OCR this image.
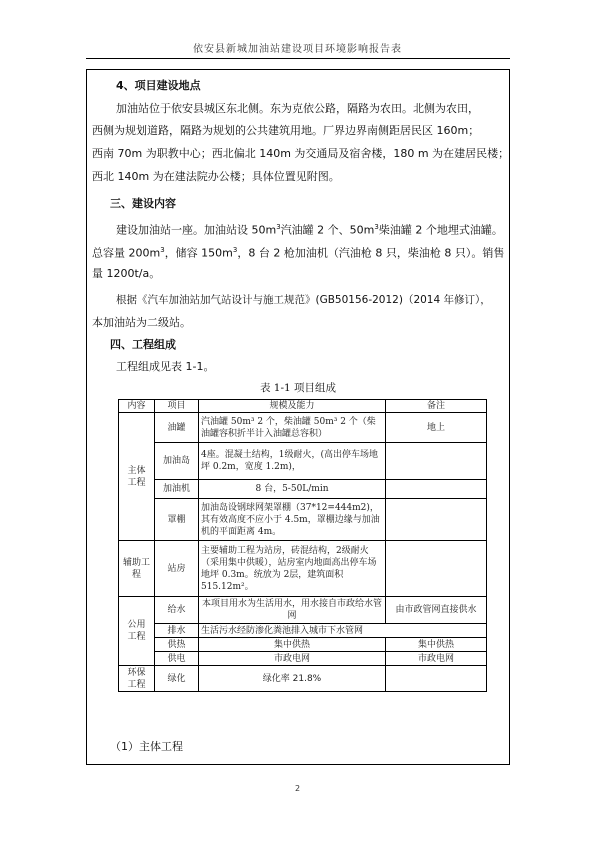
依安县新城加油站建设项目环境影响报告表
4、项目建设地点
加油站位于依安县城区东北侧。东为克依公路，隔路为农田。北侧为农田，
西侧为规划道路，隔路为规划的公共建筑用地。厂界边界南侧距居民区 160m；
西南 70m 为职教中心；西北偏北 140m 为交通局及宿舍楼，180 m 为在建居民楼；
西北 140m 为在建法院办公楼；具体位置见附图。
三、建设内容
建设加油站一座。加油站设 $50m^3$汽油罐 2 个、$50m^3$柴油罐 2 个地埋式油罐。
总容量 $200m^3$，储容 $150m^3$，8 台 2 枪加油机（汽油枪 8 只，柴油枪 8 只）。销售
量 1200t/a。
根据《汽车加油站加气站设计与施工规范》(GB50156-2012)（2014 年修订），
本加油站为二级站。
四、工程组成
工程组成见表 1-1。
表 1-1 项目组成
内容	项目	规模及能力	备注
主体
工程	油罐	汽油罐 50m³ 2 个，柴油罐 50m³ 2 个（柴油罐容积折半计入油罐总容积）	地上
	加油岛	4座。混凝土结构，1级耐火，(高出停车场地坪 0.2m，宽度 1.2m)，	
	加油机	8 台，5-50L/min	
	罩棚	加油岛设钢球网架罩棚（37*12=444m2)，其有效高度不应小于 4.5m，罩棚边缘与加油机的平面距离 4m。	
辅助工
程	站房	主要辅助工程为站房，砖混结构，2级耐火（采用集中供暖），站房室内地面高出停车场地坪 0.3m。统放为 2层，建筑面积 515.12m²。	
公用
工程	给水	本项目用水为生活用水，用水接自市政给水管网	由市政管网直接供水
	排水	生活污水经防渗化粪池排入城市下水管网	
	供热	集中供热	集中供热
	供电	市政电网	市政电网
环保
工程	绿化	绿化率 21.8%	
（1）主体工程
2
